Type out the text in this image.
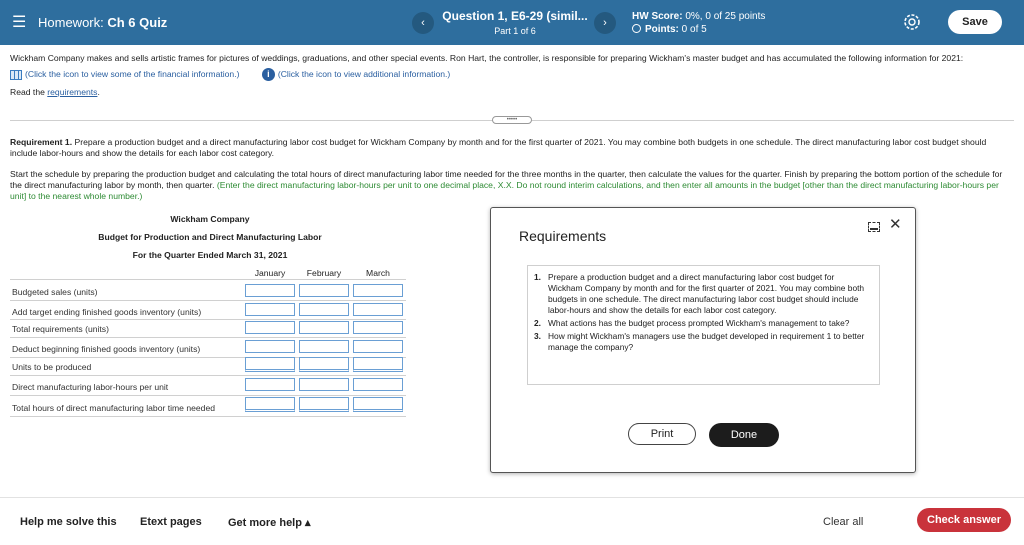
☰ Homework: Ch 6 Quiz	‹	Question 1, E6-29 (simil...
Part 1 of 6
›
HW Score: 0%, 0 of 25 points
Points: 0 of 5
Save
Wickham Company makes and sells artistic frames for pictures of weddings, graduations, and other special events. Ron Hart, the controller, is responsible for preparing Wickham's master budget and has accumulated the following information for 2021:
(Click the icon to view some of the financial information.)	i (Click the icon to view additional information.)
Read the requirements.
•••••
Requirement 1. Prepare a production budget and a direct manufacturing labor cost budget for Wickham Company by month and for the first quarter of 2021. You may combine both budgets in one schedule. The direct manufacturing labor cost budget should include labor-hours and show the details for each labor cost category.
Start the schedule by preparing the production budget and calculating the total hours of direct manufacturing labor time needed for the three months in the quarter, then calculate the values for the quarter. Finish by preparing the bottom portion of the schedule for the direct manufacturing labor by month, then quarter. (Enter the direct manufacturing labor-hours per unit to one decimal place, X.X. Do not round interim calculations, and then enter all amounts in the budget [other than the direct manufacturing labor-hours per unit] to the nearest whole number.)
Wickham Company
Budget for Production and Direct Manufacturing Labor
For the Quarter Ended March 31, 2021
January	February	March
Budgeted sales (units)
Add target ending finished goods inventory (units)
Total requirements (units)
Deduct beginning finished goods inventory (units)
Units to be produced
Direct manufacturing labor-hours per unit
Total hours of direct manufacturing labor time needed
Requirements
✕
1. Prepare a production budget and a direct manufacturing labor cost budget for Wickham Company by month and for the first quarter of 2021. You may combine both budgets in one schedule. The direct manufacturing labor cost budget should include labor-hours and show the details for each labor cost category.
2. What actions has the budget process prompted Wickham's management to take?
3. How might Wickham's managers use the budget developed in requirement 1 to better manage the company?
Print	Done
Help me solve this Etext pages Get more help ▴	Clear all	Check answer
